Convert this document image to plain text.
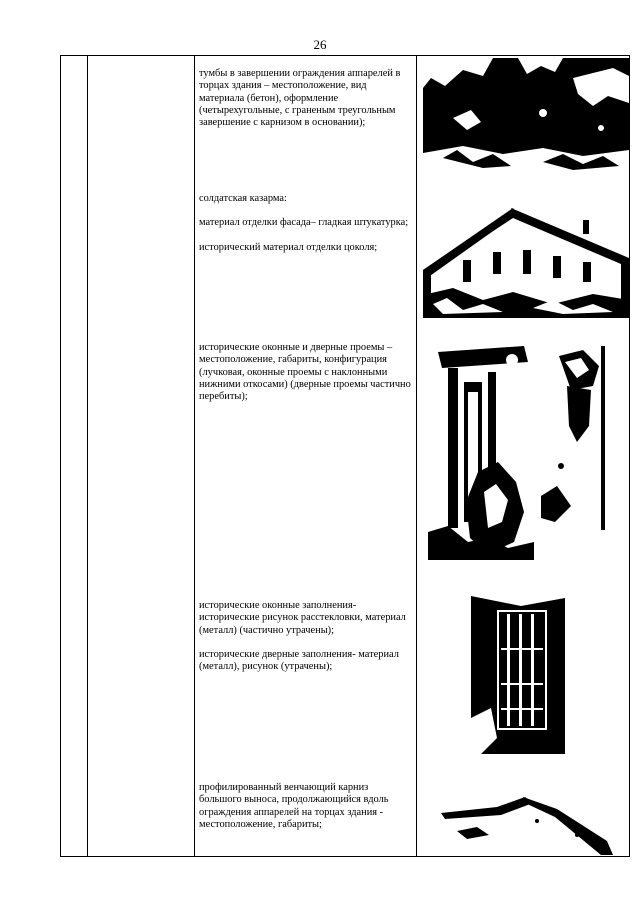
26

тумбы в завершении ограждения аппарелей в торцах здания – местоположение, вид материала (бетон), оформление (четырехугольные, с граненым треугольным завершение с карнизом в основании);

солдатская казарма:

материал отделки фасада– гладкая штукатурка;

исторический материал отделки цоколя;

исторические оконные и дверные проемы – местоположение, габариты, конфигурация (лучковая, оконные проемы с наклонными нижними откосами) (дверные проемы частично перебиты);

исторические оконные заполнения- исторические рисунок расстекловки, материал (металл) (частично утрачены);

исторические дверные заполнения- материал (металл), рисунок (утрачены);

профилированный венчающий карниз большого выноса, продолжающийся вдоль ограждения аппарелей на торцах здания - местоположение, габариты;
